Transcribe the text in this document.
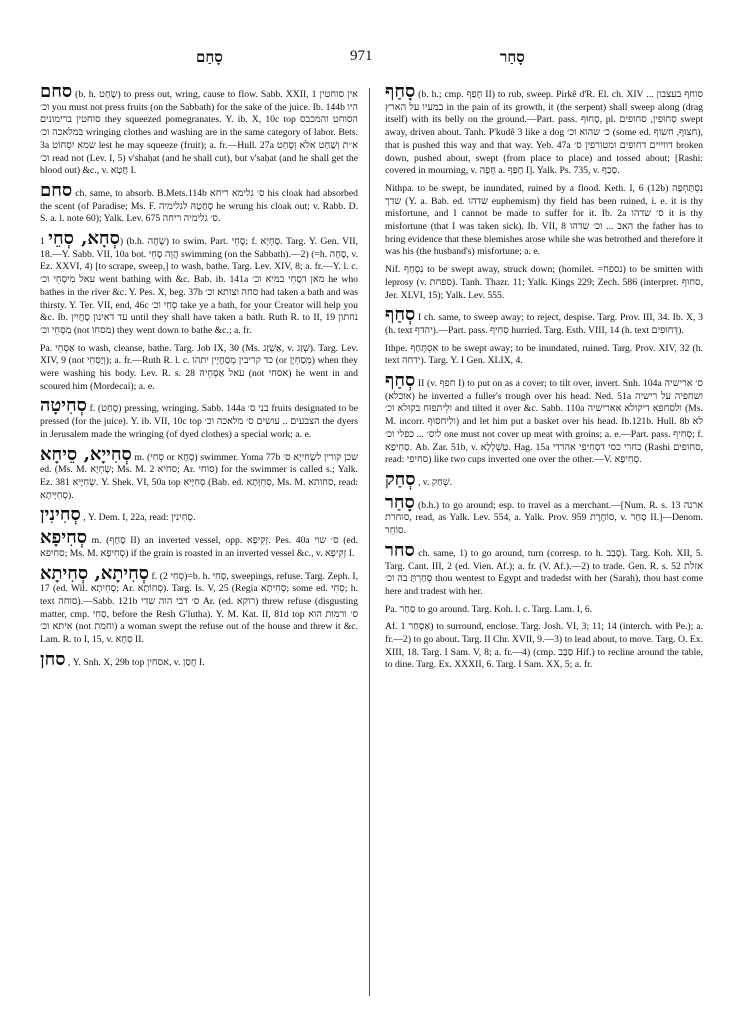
סָחַם	971	סָחַר

סחם (b. h. שָׂחַט) to press out, wring, cause to flow. Sabb. XXII, 1 אין סוחטין וכ׳ you must not press fruits (on the Sabbath) for the sake of the juice. Ib. 144b היו סוחטין ברימונים they squeezed pomegranates. Y. ib. X, 10c top הסוחט והמכבס במלאכה וכ׳ wringing clothes and washing are in the same category of labor. Bets. 3a שמא יִסְחוֹט lest he may squeeze (fruit); a. fr.—Hull. 27a א״ת וְשָׁחַט אלא וְסָחַט וכ׳ read not (Lev. I, 5) v'shaḥat (and he shall cut), but v'saḥat (and he shall get the blood out) &c., v. חֲטָא I.

סחם ch. same, to absorb. B.Mets.114b ס׳ גלימא ריחא his cloak had absorbed the scent (of Paradise; Ms. F. סְחַטָהּ לגלימיה he wrung his cloak out; v. Rabb. D. S. a. l. note 60); Yalk. Lev. 675 ס׳ גלימיה ריחה.

סְחָא, סְחֵי 1) (b.h. שָׂחָה) to swim. Part. סָחֵי; f. סָחְיָא. Targ. Y. Gen. VII, 18.—Y. Sabb. VII, 10a bot. הֲוֵה סָחֵי swimming (on the Sabbath).—2) (=h. סָחָה, v. Ez. XXVI, 4) [to scrape, sweep,] to wash, bathe. Targ. Lev. XIV, 8; a. fr.—Y. l. c. עאל מִיסְחֵי וכ׳ went bathing with &c. Bab. ib. 141a מאן דסָחֵי במיא וכ׳ he who bathes in the river &c. Y. Pes. X, beg. 37b סחה וצותא וכ׳ had taken a bath and was thirsty. Y. Ter. VII, end, 46c סְחִי וכ׳ take ye a bath, for your Creator will help you &c. Ib. עד דאינון סָחֲיִין until they shall have taken a bath. Ruth R. to II, 19 נחתון מִסְחֵי וכ׳ (not מסחו) they went down to bathe &c.; a. fr.

Pa. אַסְחֵי to wash, cleanse, bathe. Targ. Job IX, 30 (Ms. אַשְׁזַג, v. שְׁזַג). Targ. Lev. XIV, 9 (not וְיַסְחֵי); a. fr.—Ruth R. l. c. כד קריבין מְסַחֲיָין יתהו (or מְסַחְיָן) when they were washing his body. Lev. R. s. 28 עאל אַסְחֵיהּ (not אסחי) he went in and scoured him (Mordecai); a. e.

סְחִיטָה f. (סָחַט) pressing, wringing. Sabb. 144a בני ס׳ fruits designated to be pressed (for the juice). Y. ib. VII, 10c top הצבעים .. עושים ס׳ מלאכה וכ׳ the dyers in Jerusalem made the wringing (of dyed clothes) a special work; a. e.

סְחִייָא, סֵיחָא m. (סְחִי or סְחָא) swimmer. Yoma 77b שכן קורין לשְׂחִייָא ס׳ ed. (Ms. M. שָׂחְיָא; Ms. M. 2 סחיא; Ar. סוחי) for the swimmer is called s.; Yalk. Ez. 381 שְׂחִיָּיא. Y. Shek. VI, 50a top סְחִיָּיא (Bab. ed. סְחִוָּתָא, Ms. M. סחותא, read: סְחִיָּיתָא).

סְחִינִין , Y. Dem. I, 22a, read: סְחִינִין.

סְחִיפָא m. (סָחַף II) an inverted vessel, opp. זְקִיפָא. Pes. 40a ס׳ שוי (ed. סחיפא; Ms. M. סְחִיפָא) if the grain is roasted in an inverted vessel &c., v. זְקִיפָא I.

סְחִיתָא, סְחִיתָא f. (סְחִי 2)=b. h. סְחִי, sweepings, refuse. Targ. Zeph. I, 17 (ed. Wil. סְחִיתָא; Ar. סְחוֹתָא). Targ. Is. V, 25 (Regia סְחִיתָא; some ed. סְחִי; h. text סוחה).—Sabb. 121b ס׳ דבי הוה שדי Ar. (ed. רוקא) threw refuse (disgusting matter, cmp. סְחִי, before the Resh G'lutha). Y. M. Kat. II, 81d top ס׳ ורמות הוא איתא וכ׳ (not וחמת) a woman swept the refuse out of the house and threw it &c. Lam. R. to I, 15, v. סְחָא II.

סחן , Y. Snh. X, 29b top אסחין, v. חֲסַן I.

סָחַף (b. h.; cmp. חָפַף II) to rub, sweep. Pirkê d'R. El. ch. XIV סוחף בעצבון ... במעיו על הארץ in the pain of its growth, it (the serpent) shall sweep along (drag itself) with its belly on the ground.—Part. pass. סָחוּף, pl. סְחוּפִין, סחופים swept away, driven about. Tanh. P'kudê 3 like a dog כ׳ שהוא וכ׳ (some ed. חצוף, חשוף), that is pushed this way and that way. Yeb. 47a דווייים דחופים ומטורפין ס׳ broken down, pushed about, swept (from place to place) and tossed about; [Rashi: covered in mourning, v. חָפָה a. חָפַף I]. Yalk. Ps. 735, v. סָכַף.

Nithpa. to be swept, be inundated, ruined by a flood. Keth. I, 6 (12b) נִסְתַּחְפָה שדך (Y. a. Bab. ed. שדהו euphemism) thy field has been ruined, i. e. it is thy misfortune, and I cannot be made to suffer for it. Ib. 2a ס׳ שדהו it is thy misfortune (that I was taken sick). Ib. VII, 8 האב ... וכ׳ שדהו the father has to bring evidence that these blemishes arose while she was betrothed and therefore it was his (the husband's) misfortune; a. e.

Nif. נִסְחַף to be swept away, struck down; (homilet. =נספח) to be smitten with leprosy (v. ספחת). Tanh. Thazr. 11; Yalk. Kings 229; Zech. 586 (interpret. סחוף, Jer. XLVI, 15); Yalk. Lev. 555.

סְחַף I ch. same, to sweep away; to reject, despise. Targ. Prov. III, 34. Ib. X, 3 (h. text יהדף).—Part. pass. סְחִיף hurried. Targ. Esth. VIII, 14 (h. text דְּחוּפִים).

Ithpe. אִסְתְּחַף to be swept away; to be inundated, ruined. Targ. Prov. XIV, 32 (h. text ידחה). Targ. Y. I Gen. XLIX, 4.

סְחַף II (v. חפף I) to put on as a cover; to tilt over, invert. Snh. 104a ס׳ ארישיה (אוכלא) he inverted a fuller's trough over his head. Ned. 51a ושחפיה על רישיה ולֵיתפוּח בקוּלא וכ׳ and tilted it over &c. Sabb. 110a ולסחפא דיקולא אארישיה (Ms. M. incorr. ולִיחסוּף) and let him put a basket over his head. Ib.121b. Hull. 8b לא ליס׳ ... כפלי וכ׳ one must not cover up meat with groins; a. e.—Part. pass. סְחִיף; f. סְחִיפָא. Ab. Zar. 51b, v. טַשְׁלֻלָא. Hag. 15a כחרי כסי דסְחִיפִי אהדדי (Rashi סחופים, read: סחיפי) like two cups inverted one over the other.—V. סְחִיפָא.

סְחַק , v. שְׁחַק.

סָחַר (b.h.) to go around; esp. to travel as a merchant.—[Num. R. s. 13 ארנה סוחרת, read, as Yalk. Lev. 554, a. Yalk. Prov. 959 סוֹחֶרֶת, v. סְחַר II.]—Denom. סוֹחֵר.

סחר ch. same, 1) to go around, turn (corresp. to h. סָבַב). Targ. Koh. XII, 5. Targ. Cant. III, 2 (ed. Vien. Af.); a. fr. (V. Af.).—2) to trade. Gen. R. s. 52 אזלת סְחַרְתָּ בה וכ׳ thou wentest to Egypt and tradedst with her (Sarah), thou hast come here and tradest with her.

Pa. סַחַר to go around. Targ. Koh. l. c. Targ. Lam. I, 6.

Af. אַסְחַר 1) to surround, enclose. Targ. Josh. VI, 3; 11; 14 (interch. with Pe.); a. fr.—2) to go about. Targ. II Chr. XVII, 9.—3) to lead about, to move. Targ. O. Ex. XIII, 18. Targ. I Sam. V, 8; a. fr.—4) (cmp. סַבַּב Hif.) to recline around the table, to dine. Targ. Ex. XXXII, 6. Targ. I Sam. XX, 5; a. fr.
